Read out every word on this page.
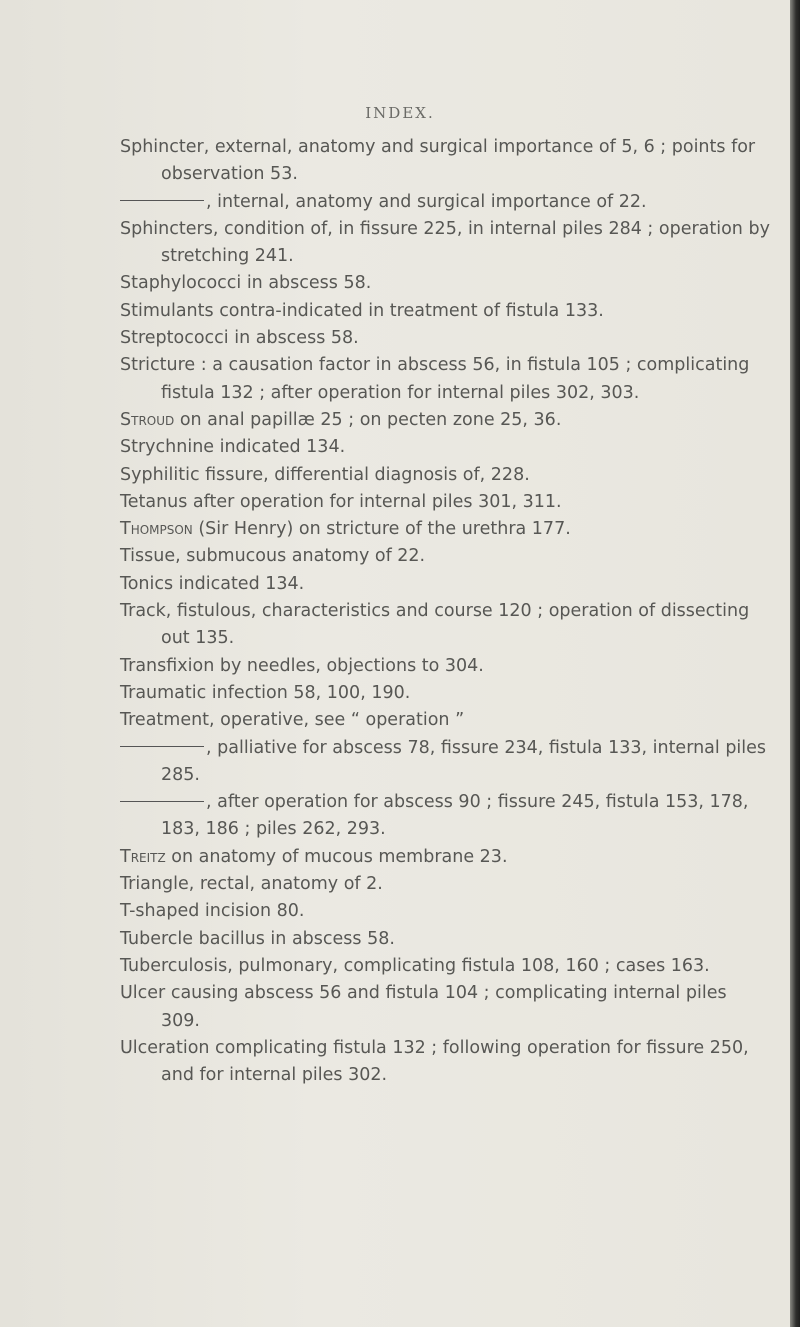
INDEX.

Sphincter, external, anatomy and surgical importance of 5, 6 ; points for observation 53.

, internal, anatomy and surgical importance of 22.

Sphincters, condition of, in fissure 225, in internal piles 284 ; operation by stretching 241.

Staphylococci in abscess 58.

Stimulants contra-indicated in treatment of fistula 133.

Streptococci in abscess 58.

Stricture : a causation factor in abscess 56, in fistula 105 ; complicating fistula 132 ; after operation for internal piles 302, 303.

Stroud on anal papillæ 25 ; on pecten zone 25, 36.

Strychnine indicated 134.

Syphilitic fissure, differential diagnosis of, 228.

Tetanus after operation for internal piles 301, 311.

Thompson (Sir Henry) on stricture of the urethra 177.

Tissue, submucous anatomy of 22.

Tonics indicated 134.

Track, fistulous, characteristics and course 120 ; operation of dissecting out 135.

Transfixion by needles, objections to 304.

Traumatic infection 58, 100, 190.

Treatment, operative, see “ operation ”

, palliative for abscess 78, fissure 234, fistula 133, internal piles 285.

, after operation for abscess 90 ; fissure 245, fistula 153, 178, 183, 186 ; piles 262, 293.

Treitz on anatomy of mucous membrane 23.

Triangle, rectal, anatomy of 2.

T-shaped incision 80.

Tubercle bacillus in abscess 58.

Tuberculosis, pulmonary, complicating fistula 108, 160 ; cases 163.

Ulcer causing abscess 56 and fistula 104 ; complicating internal piles 309.

Ulceration complicating fistula 132 ; following operation for fissure 250, and for internal piles 302.
